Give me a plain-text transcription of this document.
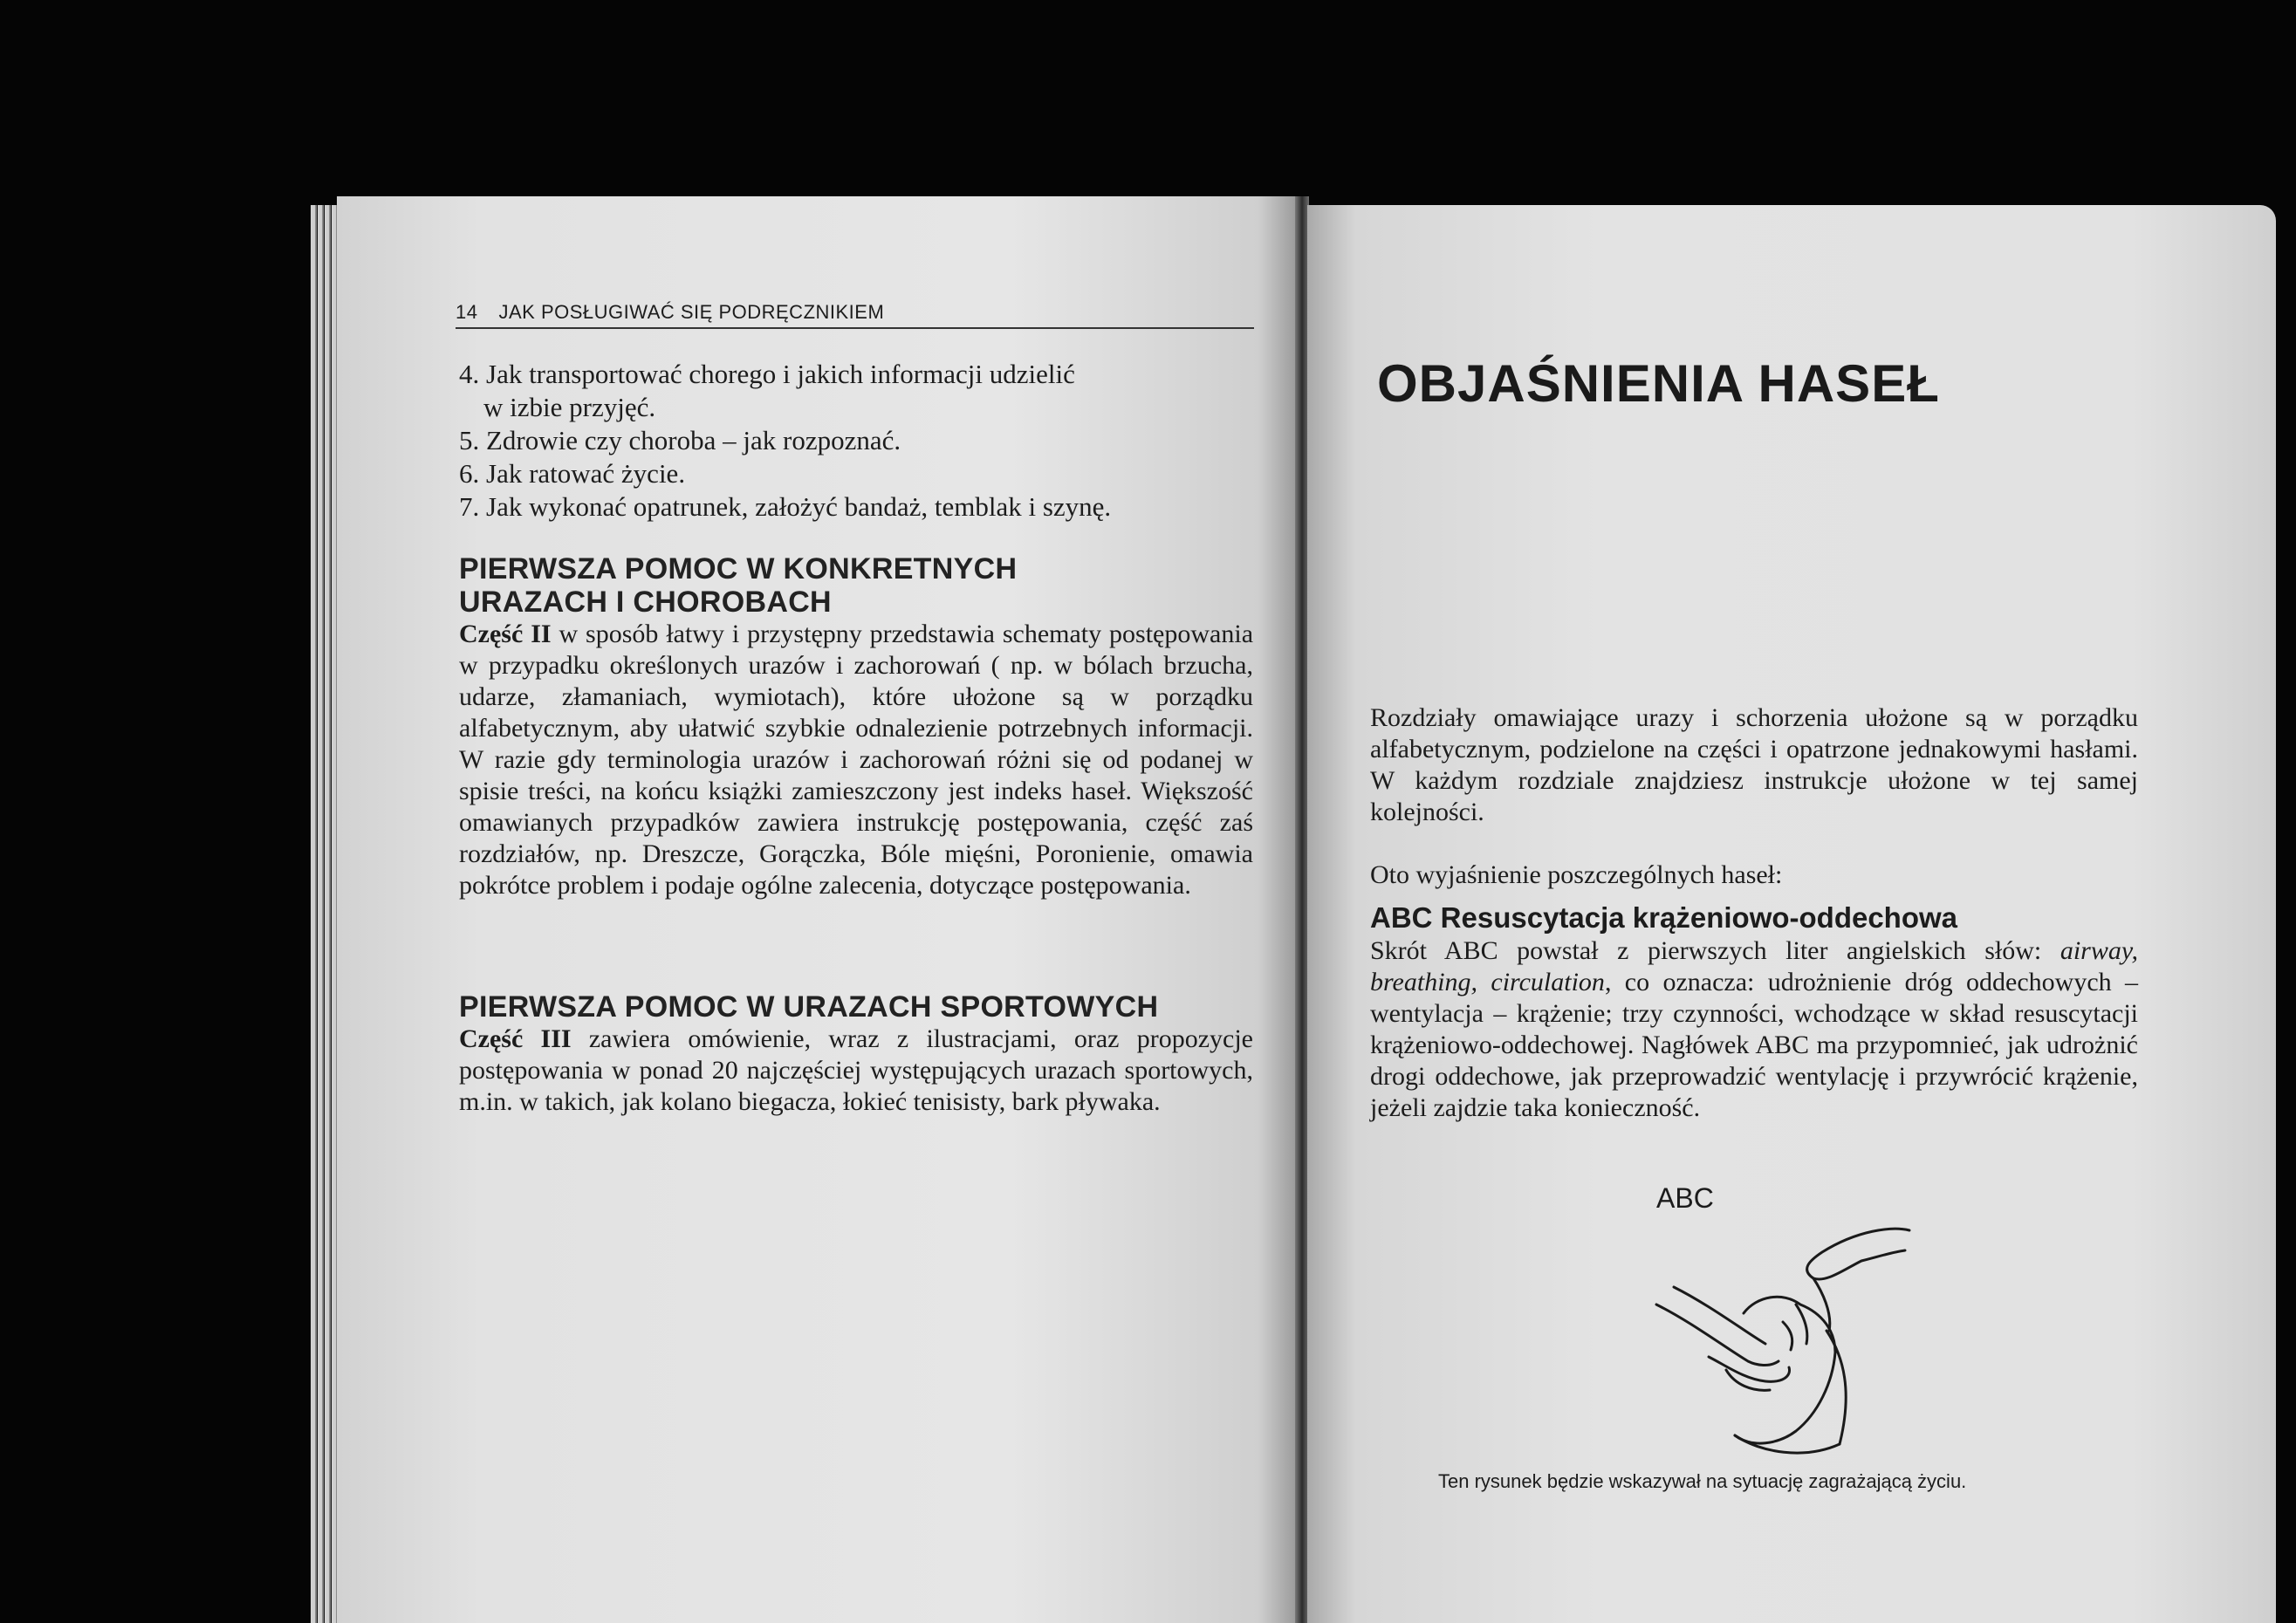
14 JAK POSŁUGIWAĆ SIĘ PODRĘCZNIKIEM
4. Jak transportować chorego i jakich informacji udzielić
w izbie przyjęć.
5. Zdrowie czy choroba – jak rozpoznać.
6. Jak ratować życie.
7. Jak wykonać opatrunek, założyć bandaż, temblak i szynę.
PIERWSZA POMOC W KONKRETNYCH
URAZACH I CHOROBACH

Część II w sposób łatwy i przystępny przedstawia schematy postępowania w przypadku określonych urazów i zachorowań ( np. w bólach brzucha, udarze, złamaniach, wymiotach), które ułożone są w porządku alfabetycznym, aby ułatwić szybkie odnalezienie potrzebnych informacji. W razie gdy terminologia urazów i zachorowań różni się od podanej w spisie treści, na końcu książki zamieszczony jest indeks haseł. Większość omawianych przypadków zawiera instrukcję postępowania, część zaś rozdziałów, np. Dreszcze, Gorączka, Bóle mięśni, Poronienie, omawia pokrótce problem i podaje ogólne zalecenia, dotyczące postępowania.

PIERWSZA POMOC W URAZACH SPORTOWYCH

Część III zawiera omówienie, wraz z ilustracjami, oraz propozycje postępowania w ponad 20 najczęściej występujących urazach sportowych, m.in. w takich, jak kolano biegacza, łokieć tenisisty, bark pływaka.

OBJAŚNIENIA HASEŁ

Rozdziały omawiające urazy i schorzenia ułożone są w porządku alfabetycznym, podzielone na części i opatrzone jednakowymi hasłami. W każdym rozdziale znajdziesz instrukcje ułożone w tej samej kolejności.

Oto wyjaśnienie poszczególnych haseł:

ABC Resuscytacja krążeniowo-oddechowa

Skrót ABC powstał z pierwszych liter angielskich słów: airway, breathing, circulation, co oznacza: udrożnienie dróg oddechowych – wentylacja – krążenie; trzy czynności, wchodzące w skład resuscytacji krążeniowo-oddechowej. Nagłówek ABC ma przypomnieć, jak udrożnić drogi oddechowe, jak przeprowadzić wentylację i przywrócić krążenie, jeżeli zajdzie taka konieczność.

ABC

Ten rysunek będzie wskazywał na sytuację zagrażającą życiu.
